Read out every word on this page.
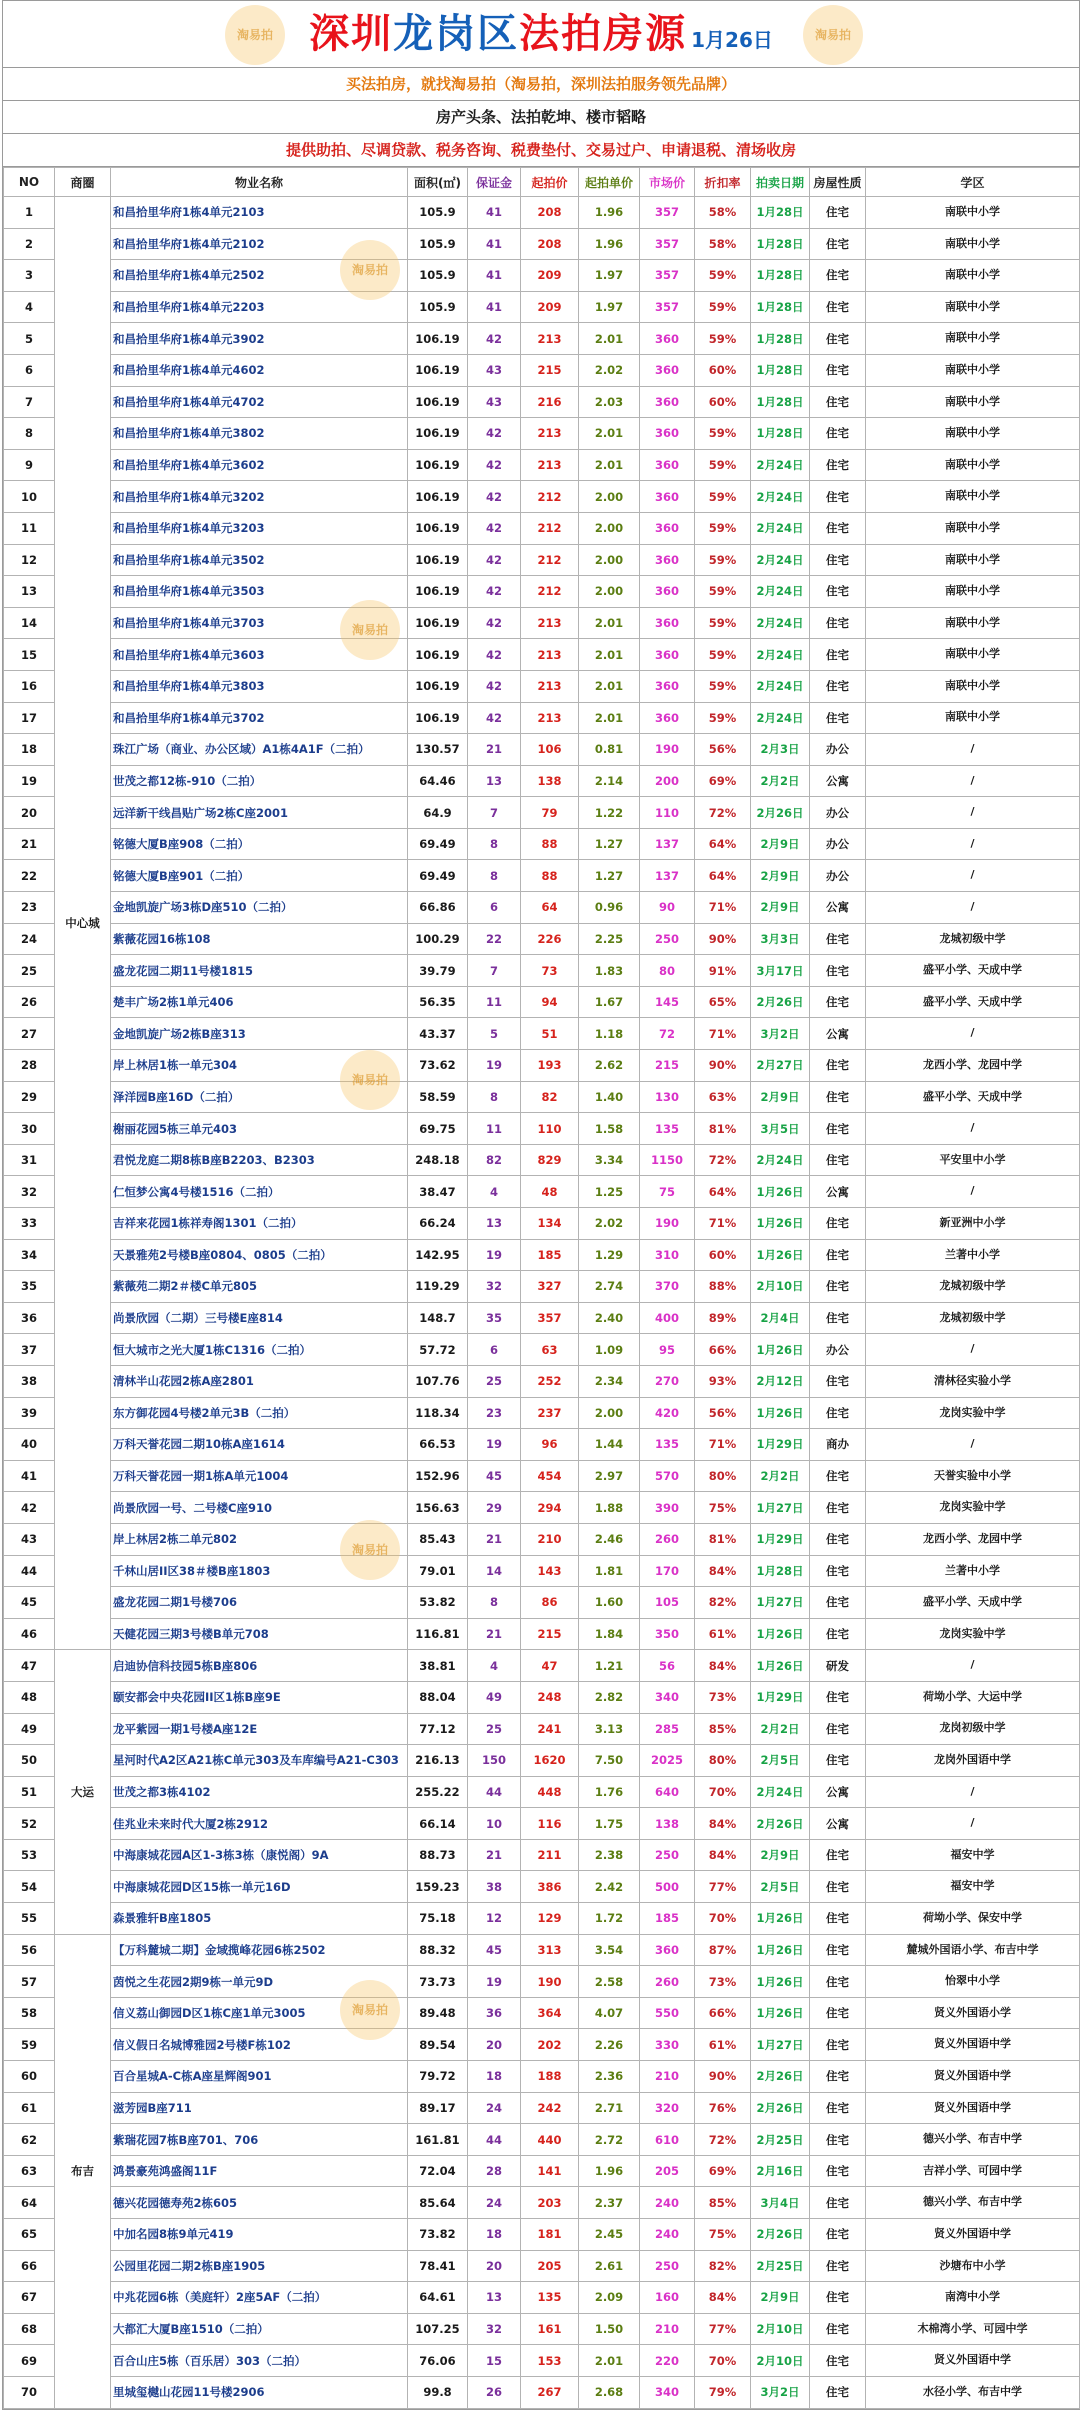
淘易拍	淘易拍
深圳龙岗区法拍房源 1月26日
买法拍房，就找淘易拍（淘易拍，深圳法拍服务领先品牌）
房产头条、法拍乾坤、楼市韬略
提供助拍、尽调贷款、税务咨询、税费垫付、交易过户、申请退税、清场收房
NO	商圈	物业名称	面积(㎡)	保证金	起拍价	起拍单价	市场价	折扣率	拍卖日期	房屋性质	学区
1	中心城	和昌拾里华府1栋4单元2103	105.9	41	208	1.96	357	58%	1月28日	住宅	南联中小学
2		和昌拾里华府1栋4单元2102	105.9	41	208	1.96	357	58%	1月28日	住宅	南联中小学
3		和昌拾里华府1栋4单元2502	105.9	41	209	1.97	357	59%	1月28日	住宅	南联中小学
4		和昌拾里华府1栋4单元2203	105.9	41	209	1.97	357	59%	1月28日	住宅	南联中小学
5		和昌拾里华府1栋4单元3902	106.19	42	213	2.01	360	59%	1月28日	住宅	南联中小学
6		和昌拾里华府1栋4单元4602	106.19	43	215	2.02	360	60%	1月28日	住宅	南联中小学
7		和昌拾里华府1栋4单元4702	106.19	43	216	2.03	360	60%	1月28日	住宅	南联中小学
8		和昌拾里华府1栋4单元3802	106.19	42	213	2.01	360	59%	1月28日	住宅	南联中小学
9		和昌拾里华府1栋4单元3602	106.19	42	213	2.01	360	59%	2月24日	住宅	南联中小学
10		和昌拾里华府1栋4单元3202	106.19	42	212	2.00	360	59%	2月24日	住宅	南联中小学
11		和昌拾里华府1栋4单元3203	106.19	42	212	2.00	360	59%	2月24日	住宅	南联中小学
12		和昌拾里华府1栋4单元3502	106.19	42	212	2.00	360	59%	2月24日	住宅	南联中小学
13		和昌拾里华府1栋4单元3503	106.19	42	212	2.00	360	59%	2月24日	住宅	南联中小学
14		和昌拾里华府1栋4单元3703	106.19	42	213	2.01	360	59%	2月24日	住宅	南联中小学
15		和昌拾里华府1栋4单元3603	106.19	42	213	2.01	360	59%	2月24日	住宅	南联中小学
16		和昌拾里华府1栋4单元3803	106.19	42	213	2.01	360	59%	2月24日	住宅	南联中小学
17		和昌拾里华府1栋4单元3702	106.19	42	213	2.01	360	59%	2月24日	住宅	南联中小学
18		珠江广场（商业、办公区域）A1栋4A1F（二拍）	130.57	21	106	0.81	190	56%	2月3日	办公	/
19		世茂之都12栋-910（二拍）	64.46	13	138	2.14	200	69%	2月2日	公寓	/
20		远洋新干线昌贴广场2栋C座2001	64.9	7	79	1.22	110	72%	2月26日	办公	/
21		铭德大厦B座908（二拍）	69.49	8	88	1.27	137	64%	2月9日	办公	/
22		铭德大厦B座901（二拍）	69.49	8	88	1.27	137	64%	2月9日	办公	/
23		金地凯旋广场3栋D座510（二拍）	66.86	6	64	0.96	90	71%	2月9日	公寓	/
24		紫薇花园16栋108	100.29	22	226	2.25	250	90%	3月3日	住宅	龙城初级中学
25		盛龙花园二期11号楼1815	39.79	7	73	1.83	80	91%	3月17日	住宅	盛平小学、天成中学
26		楚丰广场2栋1单元406	56.35	11	94	1.67	145	65%	2月26日	住宅	盛平小学、天成中学
27		金地凯旋广场2栋B座313	43.37	5	51	1.18	72	71%	3月2日	公寓	/
28		岸上林居1栋一单元304	73.62	19	193	2.62	215	90%	2月27日	住宅	龙西小学、龙园中学
29		泽洋园B座16D（二拍）	58.59	8	82	1.40	130	63%	2月9日	住宅	盛平小学、天成中学
30		榭丽花园5栋三单元403	69.75	11	110	1.58	135	81%	3月5日	住宅	/
31		君悦龙庭二期8栋B座B2203、B2303	248.18	82	829	3.34	1150	72%	2月24日	住宅	平安里中小学
32		仁恒梦公寓4号楼1516（二拍）	38.47	4	48	1.25	75	64%	1月26日	公寓	/
33		吉祥来花园1栋祥寿阁1301（二拍）	66.24	13	134	2.02	190	71%	1月26日	住宅	新亚洲中小学
34		天景雅苑2号楼B座0804、0805（二拍）	142.95	19	185	1.29	310	60%	1月26日	住宅	兰著中小学
35		紫薇苑二期2＃楼C单元805	119.29	32	327	2.74	370	88%	2月10日	住宅	龙城初级中学
36		尚景欣园（二期）三号楼E座814	148.7	35	357	2.40	400	89%	2月4日	住宅	龙城初级中学
37		恒大城市之光大厦1栋C1316（二拍）	57.72	6	63	1.09	95	66%	1月26日	办公	/
38		清林半山花园2栋A座2801	107.76	25	252	2.34	270	93%	2月12日	住宅	清林径实验小学
39		东方御花园4号楼2单元3B（二拍）	118.34	23	237	2.00	420	56%	1月26日	住宅	龙岗实验中学
40		万科天誉花园二期10栋A座1614	66.53	19	96	1.44	135	71%	1月29日	商办	/
41		万科天誉花园一期1栋A单元1004	152.96	45	454	2.97	570	80%	2月2日	住宅	天誉实验中小学
42		尚景欣园一号、二号楼C座910	156.63	29	294	1.88	390	75%	1月27日	住宅	龙岗实验中学
43		岸上林居2栋二单元802	85.43	21	210	2.46	260	81%	1月29日	住宅	龙西小学、龙园中学
44		千林山居II区38＃楼B座1803	79.01	14	143	1.81	170	84%	1月28日	住宅	兰著中小学
45		盛龙花园二期1号楼706	53.82	8	86	1.60	105	82%	1月27日	住宅	盛平小学、天成中学
46		天健花园三期3号楼B单元708	116.81	21	215	1.84	350	61%	1月26日	住宅	龙岗实验中学
47	大运	启迪协信科技园5栋B座806	38.81	4	47	1.21	56	84%	1月26日	研发	/
48		颐安都会中央花园II区1栋B座9E	88.04	49	248	2.82	340	73%	1月29日	住宅	荷坳小学、大运中学
49		龙平紫园一期1号楼A座12E	77.12	25	241	3.13	285	85%	2月2日	住宅	龙岗初级中学
50		星河时代A2区A21栋C单元303及车库编号A21-C303	216.13	150	1620	7.50	2025	80%	2月5日	住宅	龙岗外国语中学
51		世茂之都3栋4102	255.22	44	448	1.76	640	70%	2月24日	公寓	/
52		佳兆业未来时代大厦2栋2912	66.14	10	116	1.75	138	84%	2月26日	公寓	/
53		中海康城花园A区1-3栋3栋（康悦阁）9A	88.73	21	211	2.38	250	84%	2月9日	住宅	福安中学
54		中海康城花园D区15栋一单元16D	159.23	38	386	2.42	500	77%	2月5日	住宅	福安中学
55		森景雅轩B座1805	75.18	12	129	1.72	185	70%	1月26日	住宅	荷坳小学、保安中学
56	布吉	【万科麓城二期】金域揽峰花园6栋2502	88.32	45	313	3.54	360	87%	1月26日	住宅	麓城外国语小学、布吉中学
57		茵悦之生花园2期9栋一单元9D	73.73	19	190	2.58	260	73%	1月26日	住宅	怡翠中小学
58		信义荔山御园D区1栋C座1单元3005	89.48	36	364	4.07	550	66%	1月26日	住宅	贤义外国语小学
59		信义假日名城博雅园2号楼F栋102	89.54	20	202	2.26	330	61%	1月27日	住宅	贤义外国语中学
60		百合星城A-C栋A座星辉阁901	79.72	18	188	2.36	210	90%	2月26日	住宅	贤义外国语中学
61		滋芳园B座711	89.17	24	242	2.71	320	76%	2月26日	住宅	贤义外国语中学
62		紫瑞花园7栋B座701、706	161.81	44	440	2.72	610	72%	2月25日	住宅	德兴小学、布吉中学
63		鸿景豪苑鸿盛阁11F	72.04	28	141	1.96	205	69%	2月16日	住宅	吉祥小学、可园中学
64		德兴花园德寿苑2栋605	85.64	24	203	2.37	240	85%	3月4日	住宅	德兴小学、布吉中学
65		中加名园8栋9单元419	73.82	18	181	2.45	240	75%	2月26日	住宅	贤义外国语中学
66		公园里花园二期2栋B座1905	78.41	20	205	2.61	250	82%	2月25日	住宅	沙塘布中小学
67		中兆花园6栋（美庭轩）2座5AF（二拍）	64.61	13	135	2.09	160	84%	2月9日	住宅	南湾中小学
68		大都汇大厦B座1510（二拍）	107.25	32	161	1.50	210	77%	2月10日	住宅	木棉湾小学、可园中学
69		百合山庄5栋（百乐居）303（二拍）	76.06	15	153	2.01	220	70%	2月10日	住宅	贤义外国语中学
70		里城玺樾山花园11号楼2906	99.8	26	267	2.68	340	79%	3月2日	住宅	水径小学、布吉中学
淘易拍
淘易拍
淘易拍
淘易拍
淘易拍
